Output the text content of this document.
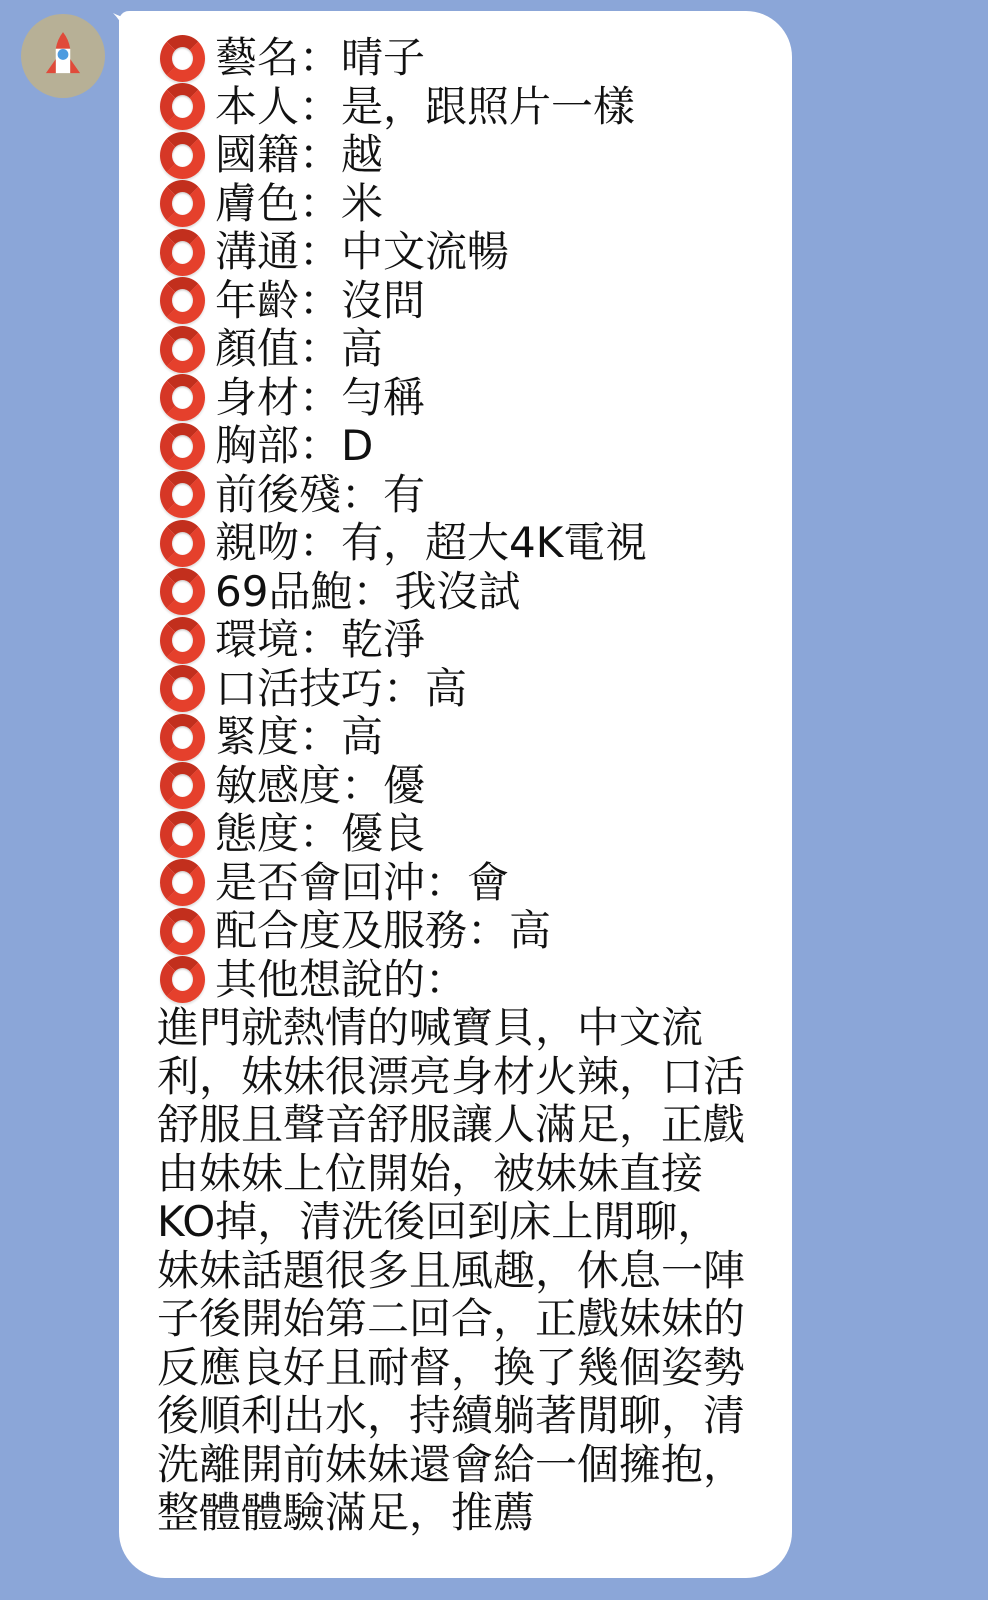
藝名：晴子
本人：是，跟照片一樣
國籍：越
膚色：米
溝通：中文流暢
年齡：沒問
顏值：高
身材：勻稱
胸部：D
前後殘：有
親吻：有，超大4K電視
69品鮑：我沒試
環境：乾淨
口活技巧：高
緊度：高
敏感度：優
態度：優良
是否會回沖：會
配合度及服務：高
其他想說的：
進門就熱情的喊寶貝，中文流
利，妹妹很漂亮身材火辣，口活
舒服且聲音舒服讓人滿足，正戲
由妹妹上位開始，被妹妹直接
KO掉，清洗後回到床上閒聊，
妹妹話題很多且風趣，休息一陣
子後開始第二回合，正戲妹妹的
反應良好且耐督，換了幾個姿勢
後順利出水，持續躺著閒聊，清
洗離開前妹妹還會給一個擁抱，
整體體驗滿足，推薦
